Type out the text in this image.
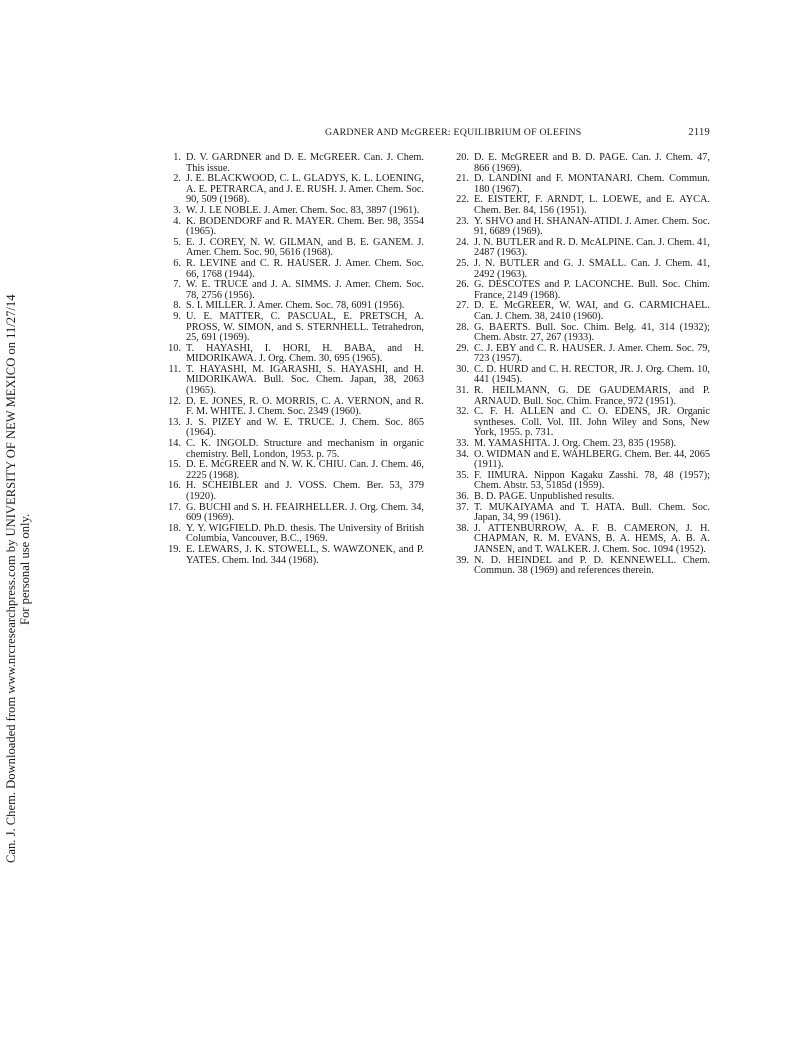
Can. J. Chem. Downloaded from www.nrcresearchpress.com by UNIVERSITY OF NEW MEXICO on 11/27/14 For personal use only.
GARDNER AND McGREER: EQUILIBRIUM OF OLEFINS	2119

1. D. V. GARDNER and D. E. McGREER. Can. J. Chem. This issue.

2. J. E. BLACKWOOD, C. L. GLADYS, K. L. LOENING, A. E. PETRARCA, and J. E. RUSH. J. Amer. Chem. Soc. 90, 509 (1968).

3. W. J. LE NOBLE. J. Amer. Chem. Soc. 83, 3897 (1961).

4. K. BODENDORF and R. MAYER. Chem. Ber. 98, 3554 (1965).

5. E. J. COREY, N. W. GILMAN, and B. E. GANEM. J. Amer. Chem. Soc. 90, 5616 (1968).

6. R. LEVINE and C. R. HAUSER. J. Amer. Chem. Soc. 66, 1768 (1944).

7. W. E. TRUCE and J. A. SIMMS. J. Amer. Chem. Soc. 78, 2756 (1956).

8. S. I. MILLER. J. Amer. Chem. Soc. 78, 6091 (1956).

9. U. E. MATTER, C. PASCUAL, E. PRETSCH, A. PROSS, W. SIMON, and S. STERNHELL. Tetrahedron, 25, 691 (1969).

10. T. HAYASHI, I. HORI, H. BABA, and H. MIDORIKAWA. J. Org. Chem. 30, 695 (1965).

11. T. HAYASHI, M. IGARASHI, S. HAYASHI, and H. MIDORIKAWA. Bull. Soc. Chem. Japan, 38, 2063 (1965).

12. D. E. JONES, R. O. MORRIS, C. A. VERNON, and R. F. M. WHITE. J. Chem. Soc. 2349 (1960).

13. J. S. PIZEY and W. E. TRUCE. J. Chem. Soc. 865 (1964).

14. C. K. INGOLD. Structure and mechanism in organic chemistry. Bell, London, 1953. p. 75.

15. D. E. McGREER and N. W. K. CHIU. Can. J. Chem. 46, 2225 (1968).

16. H. SCHEIBLER and J. VOSS. Chem. Ber. 53, 379 (1920).

17. G. BUCHI and S. H. FEAIRHELLER. J. Org. Chem. 34, 609 (1969).

18. Y. Y. WIGFIELD. Ph.D. thesis. The University of British Columbia, Vancouver, B.C., 1969.

19. E. LEWARS, J. K. STOWELL, S. WAWZONEK, and P. YATES. Chem. Ind. 344 (1968).

20. D. E. McGREER and B. D. PAGE. Can. J. Chem. 47, 866 (1969).

21. D. LANDINI and F. MONTANARI. Chem. Commun. 180 (1967).

22. E. EISTERT, F. ARNDT, L. LOEWE, and E. AYCA. Chem. Ber. 84, 156 (1951).

23. Y. SHVO and H. SHANAN-ATIDI. J. Amer. Chem. Soc. 91, 6689 (1969).

24. J. N. BUTLER and R. D. McALPINE. Can. J. Chem. 41, 2487 (1963).

25. J. N. BUTLER and G. J. SMALL. Can. J. Chem. 41, 2492 (1963).

26. G. DESCOTES and P. LACONCHE. Bull. Soc. Chim. France, 2149 (1968).

27. D. E. McGREER, W. WAI, and G. CARMICHAEL. Can. J. Chem. 38, 2410 (1960).

28. G. BAERTS. Bull. Soc. Chim. Belg. 41, 314 (1932); Chem. Abstr. 27, 267 (1933).

29. C. J. EBY and C. R. HAUSER. J. Amer. Chem. Soc. 79, 723 (1957).

30. C. D. HURD and C. H. RECTOR, JR. J. Org. Chem. 10, 441 (1945).

31. R. HEILMANN, G. DE GAUDEMARIS, and P. ARNAUD. Bull. Soc. Chim. France, 972 (1951).

32. C. F. H. ALLEN and C. O. EDENS, JR. Organic syntheses. Coll. Vol. III. John Wiley and Sons, New York, 1955. p. 731.

33. M. YAMASHITA. J. Org. Chem. 23, 835 (1958).

34. O. WIDMAN and E. WAHLBERG. Chem. Ber. 44, 2065 (1911).

35. F. IIMURA. Nippon Kagaku Zasshi. 78, 48 (1957); Chem. Abstr. 53, 5185d (1959).

36. B. D. PAGE. Unpublished results.

37. T. MUKAIYAMA and T. HATA. Bull. Chem. Soc. Japan, 34, 99 (1961).

38. J. ATTENBURROW, A. F. B. CAMERON, J. H. CHAPMAN, R. M. EVANS, B. A. HEMS, A. B. A. JANSEN, and T. WALKER. J. Chem. Soc. 1094 (1952).

39. N. D. HEINDEL and P. D. KENNEWELL. Chem. Commun. 38 (1969) and references therein.
